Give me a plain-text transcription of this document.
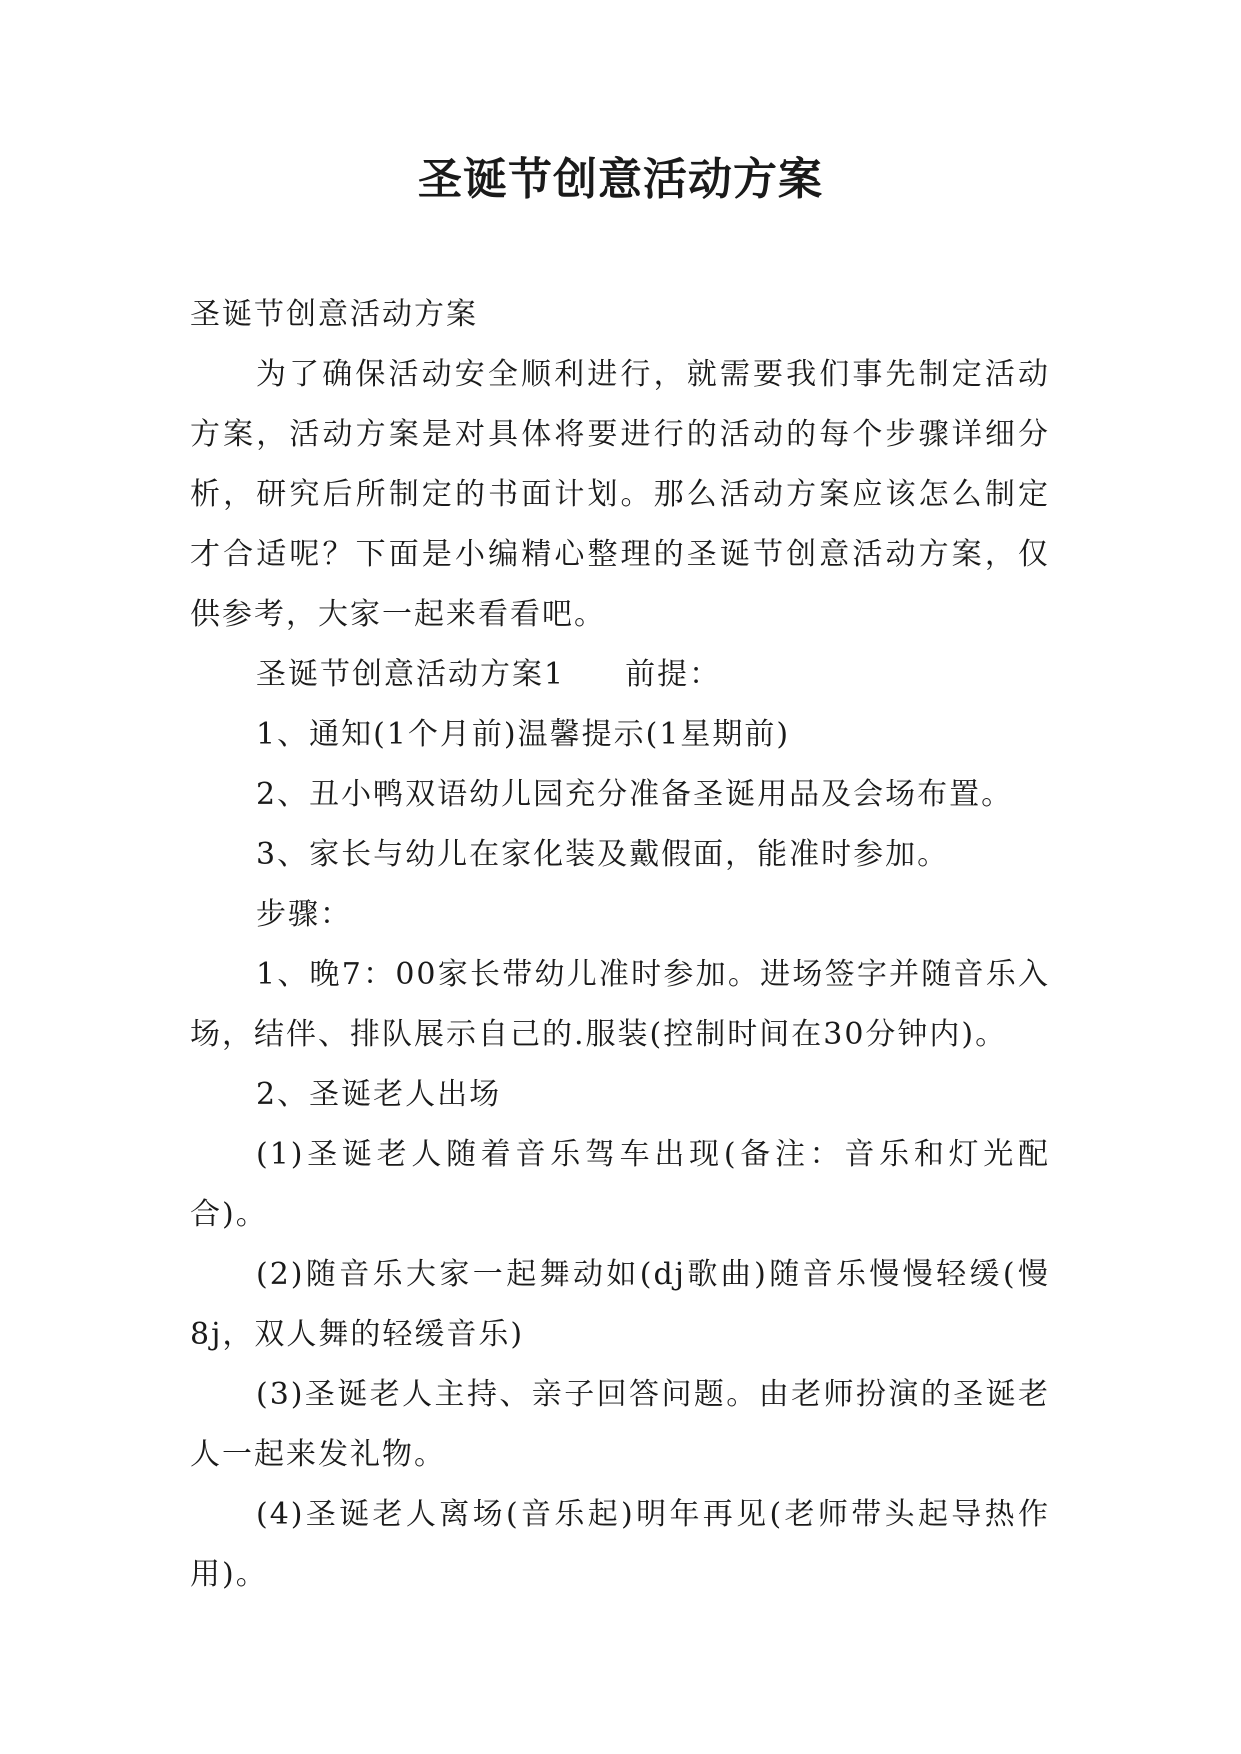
圣诞节创意活动方案

圣诞节创意活动方案

为了确保活动安全顺利进行，就需要我们事先制定活动方案，活动方案是对具体将要进行的活动的每个步骤详细分析，研究后所制定的书面计划。那么活动方案应该怎么制定才合适呢？下面是小编精心整理的圣诞节创意活动方案，仅供参考，大家一起来看看吧。

圣诞节创意活动方案1 前提：

1、通知(1个月前)温馨提示(1星期前)

2、丑小鸭双语幼儿园充分准备圣诞用品及会场布置。

3、家长与幼儿在家化装及戴假面，能准时参加。

步骤：

1、晚7：00家长带幼儿准时参加。进场签字并随音乐入场，结伴、排队展示自己的.服装(控制时间在30分钟内)。

2、圣诞老人出场

(1)圣诞老人随着音乐驾车出现(备注：音乐和灯光配合)。

(2)随音乐大家一起舞动如(dj歌曲)随音乐慢慢轻缓(慢8j，双人舞的轻缓音乐)

(3)圣诞老人主持、亲子回答问题。由老师扮演的圣诞老人一起来发礼物。

(4)圣诞老人离场(音乐起)明年再见(老师带头起导热作用)。
